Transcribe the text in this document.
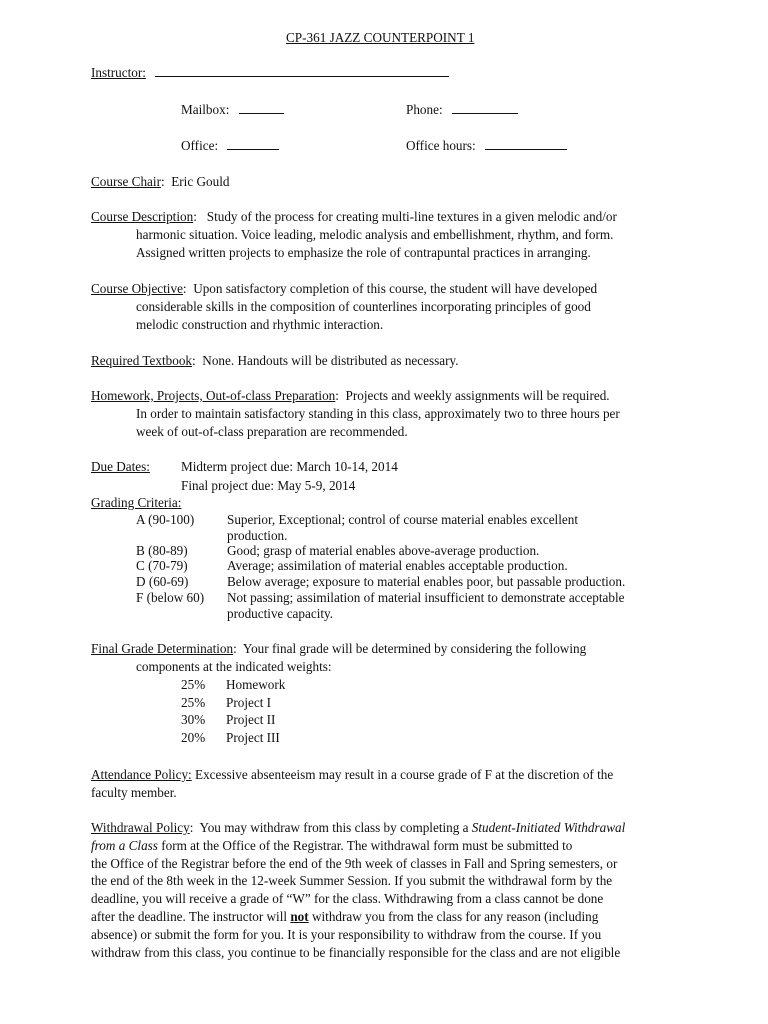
CP-361 JAZZ COUNTERPOINT 1
Instructor:
Mailbox:	Phone:
Office:	Office hours:
Course Chair:  Eric Gould
Course Description:   Study of the process for creating multi-line textures in a given melodic and/or
harmonic situation. Voice leading, melodic analysis and embellishment, rhythm, and form.
Assigned written projects to emphasize the role of contrapuntal practices in arranging.
Course Objective:  Upon satisfactory completion of this course, the student will have developed
considerable skills in the composition of counterlines incorporating principles of good
melodic construction and rhythmic interaction.
Required Textbook:  None. Handouts will be distributed as necessary.
Homework, Projects, Out-of-class Preparation:  Projects and weekly assignments will be required.
In order to maintain satisfactory standing in this class, approximately two to three hours per
week of out-of-class preparation are recommended.
Due Dates: Midterm project due: March 10-14, 2014
Final project due: May 5-9, 2014
Grading Criteria:
A (90-100) Superior, Exceptional; control of course material enables excellent
production.
B (80-89)	Good; grasp of material enables above-average production.
C (70-79)	Average; assimilation of material enables acceptable production.
D (60-69)	Below average; exposure to material enables poor, but passable production.
F (below 60) Not passing; assimilation of material insufficient to demonstrate acceptable
productive capacity.
Final Grade Determination:  Your final grade will be determined by considering the following
components at the indicated weights:
25% Homework
25% Project I
30% Project II
20% Project III
Attendance Policy: Excessive absenteeism may result in a course grade of F at the discretion of the
faculty member.
Withdrawal Policy:  You may withdraw from this class by completing a Student-Initiated Withdrawal
from a Class form at the Office of the Registrar. The withdrawal form must be submitted to
the Office of the Registrar before the end of the 9th week of classes in Fall and Spring semesters, or
the end of the 8th week in the 12-week Summer Session. If you submit the withdrawal form by the
deadline, you will receive a grade of “W” for the class. Withdrawing from a class cannot be done
after the deadline. The instructor will not withdraw you from the class for any reason (including
absence) or submit the form for you. It is your responsibility to withdraw from the course. If you
withdraw from this class, you continue to be financially responsible for the class and are not eligible
